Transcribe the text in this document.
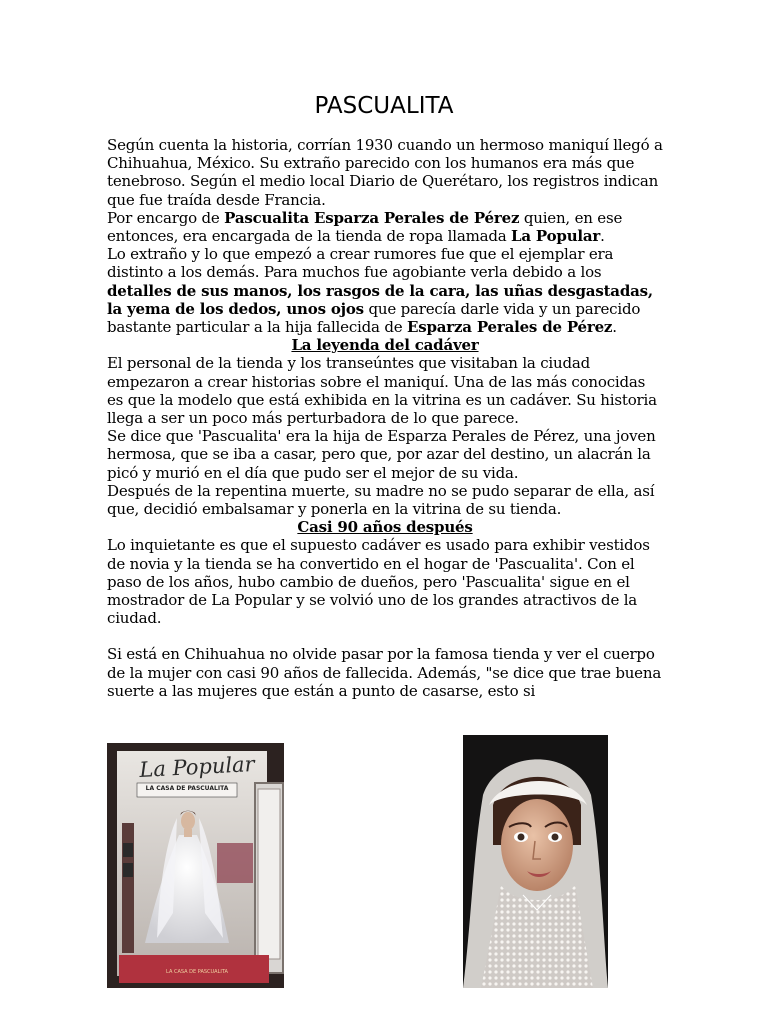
PASCUALITA

Según cuenta la historia, corrían 1930 cuando un hermoso maniquí llegó a Chihuahua, México. Su extraño parecido con los humanos era más que tenebroso. Según el medio local Diario de Querétaro, los registros indican que fue traída desde Francia.

Por encargo de Pascualita Esparza Perales de Pérez quien, en ese entonces, era encargada de la tienda de ropa llamada La Popular.

Lo extraño y lo que empezó a crear rumores fue que el ejemplar era distinto a los demás. Para muchos fue agobiante verla debido a los detalles de sus manos, los rasgos de la cara, las uñas desgastadas, la yema de los dedos, unos ojos que parecía darle vida y un parecido bastante particular a la hija fallecida de Esparza Perales de Pérez.

La leyenda del cadáver

El personal de la tienda y los transeúntes que visitaban la ciudad empezaron a crear historias sobre el maniquí. Una de las más conocidas es que la modelo que está exhibida en la vitrina es un cadáver. Su historia llega a ser un poco más perturbadora de lo que parece.

Se dice que 'Pascualita' era la hija de Esparza Perales de Pérez, una joven hermosa, que se iba a casar, pero que, por azar del destino, un alacrán la picó y murió en el día que pudo ser el mejor de su vida.

Después de la repentina muerte, su madre no se pudo separar de ella, así que, decidió embalsamar y ponerla en la vitrina de su tienda.

Casi 90 años después

Lo inquietante es que el supuesto cadáver es usado para exhibir vestidos de novia y la tienda se ha convertido en el hogar de 'Pascualita'. Con el paso de los años, hubo cambio de dueños, pero 'Pascualita' sigue en el mostrador de La Popular y se volvió uno de los grandes atractivos de la ciudad.

Si está en Chihuahua no olvide pasar por la famosa tienda y ver el cuerpo de la mujer con casi 90 años de fallecida. Además, "se dice que trae buena suerte a las mujeres que están a punto de casarse, esto si

La Popular
LA CASA DE PASCUALITA
LA CASA DE PASCUALITA
